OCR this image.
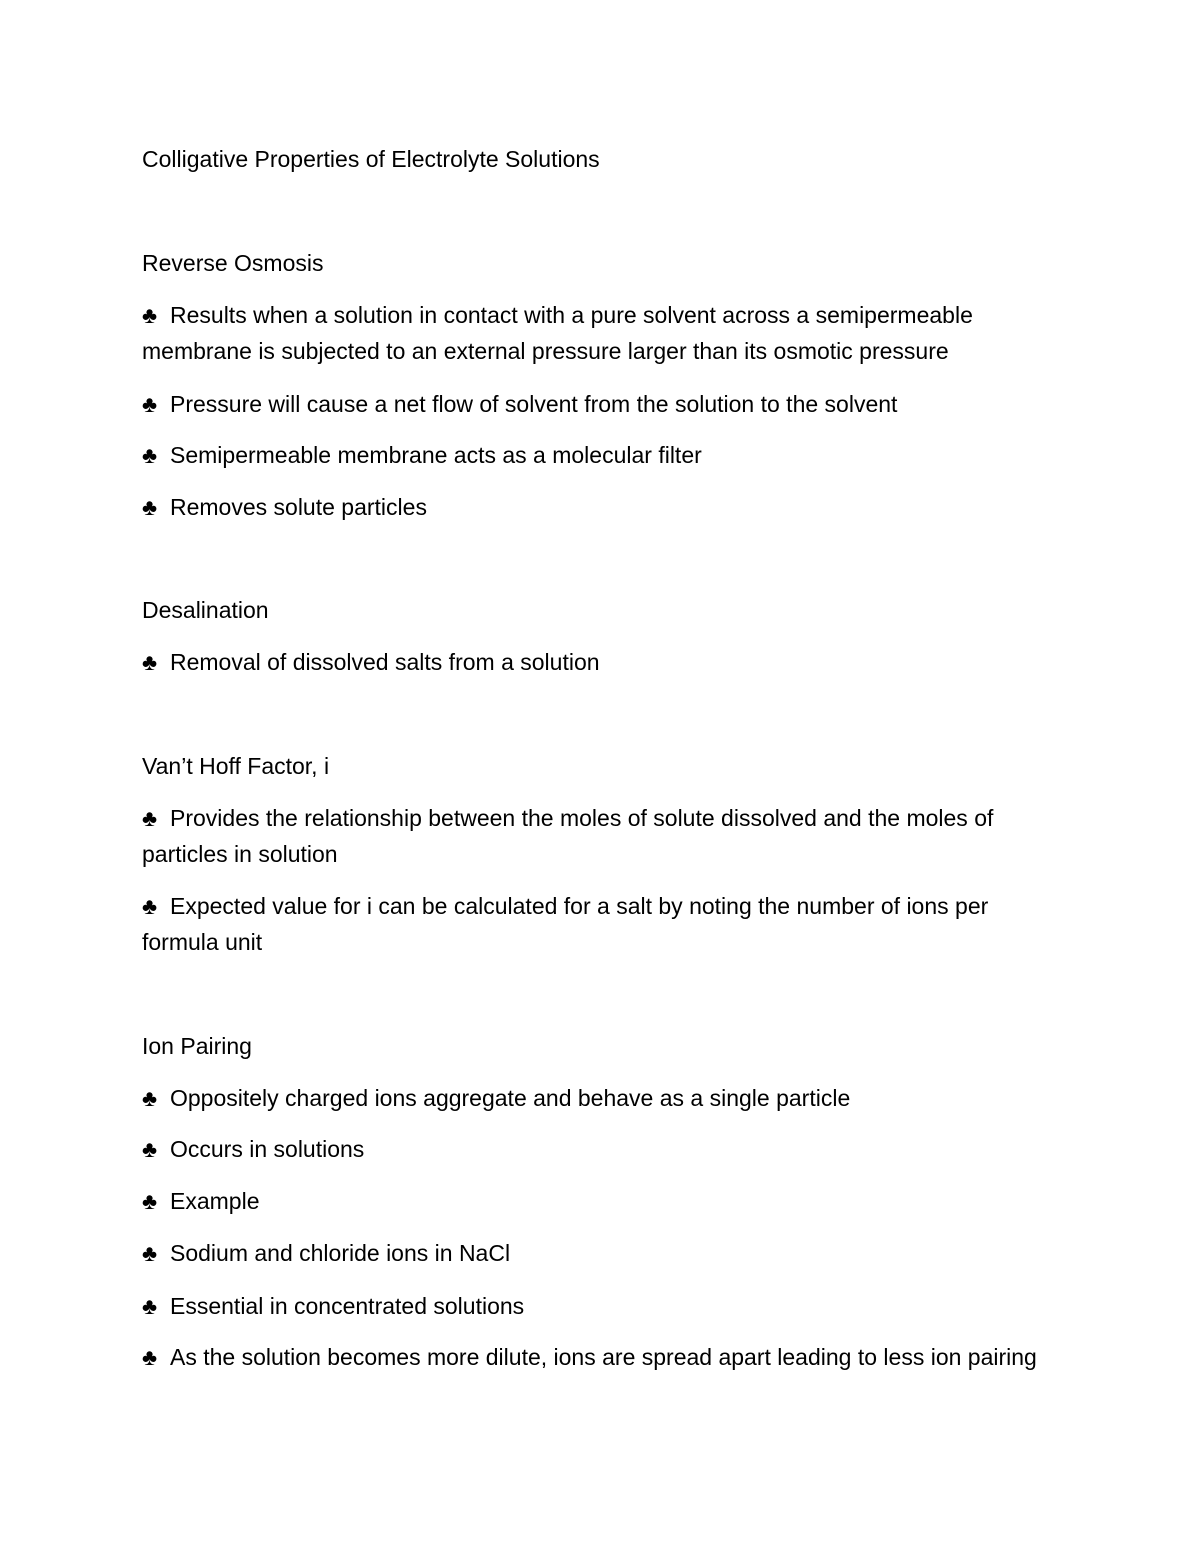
Colligative Properties of Electrolyte Solutions
Reverse Osmosis
♣ Results when a solution in contact with a pure solvent across a semipermeable membrane is subjected to an external pressure larger than its osmotic pressure
♣ Pressure will cause a net flow of solvent from the solution to the solvent
♣ Semipermeable membrane acts as a molecular filter
♣ Removes solute particles
Desalination
♣ Removal of dissolved salts from a solution
Van’t Hoff Factor, i
♣ Provides the relationship between the moles of solute dissolved and the moles of particles in solution
♣ Expected value for i can be calculated for a salt by noting the number of ions per formula unit
Ion Pairing
♣ Oppositely charged ions aggregate and behave as a single particle
♣ Occurs in solutions
♣ Example
♣ Sodium and chloride ions in NaCl
♣ Essential in concentrated solutions
♣ As the solution becomes more dilute, ions are spread apart leading to less ion pairing
